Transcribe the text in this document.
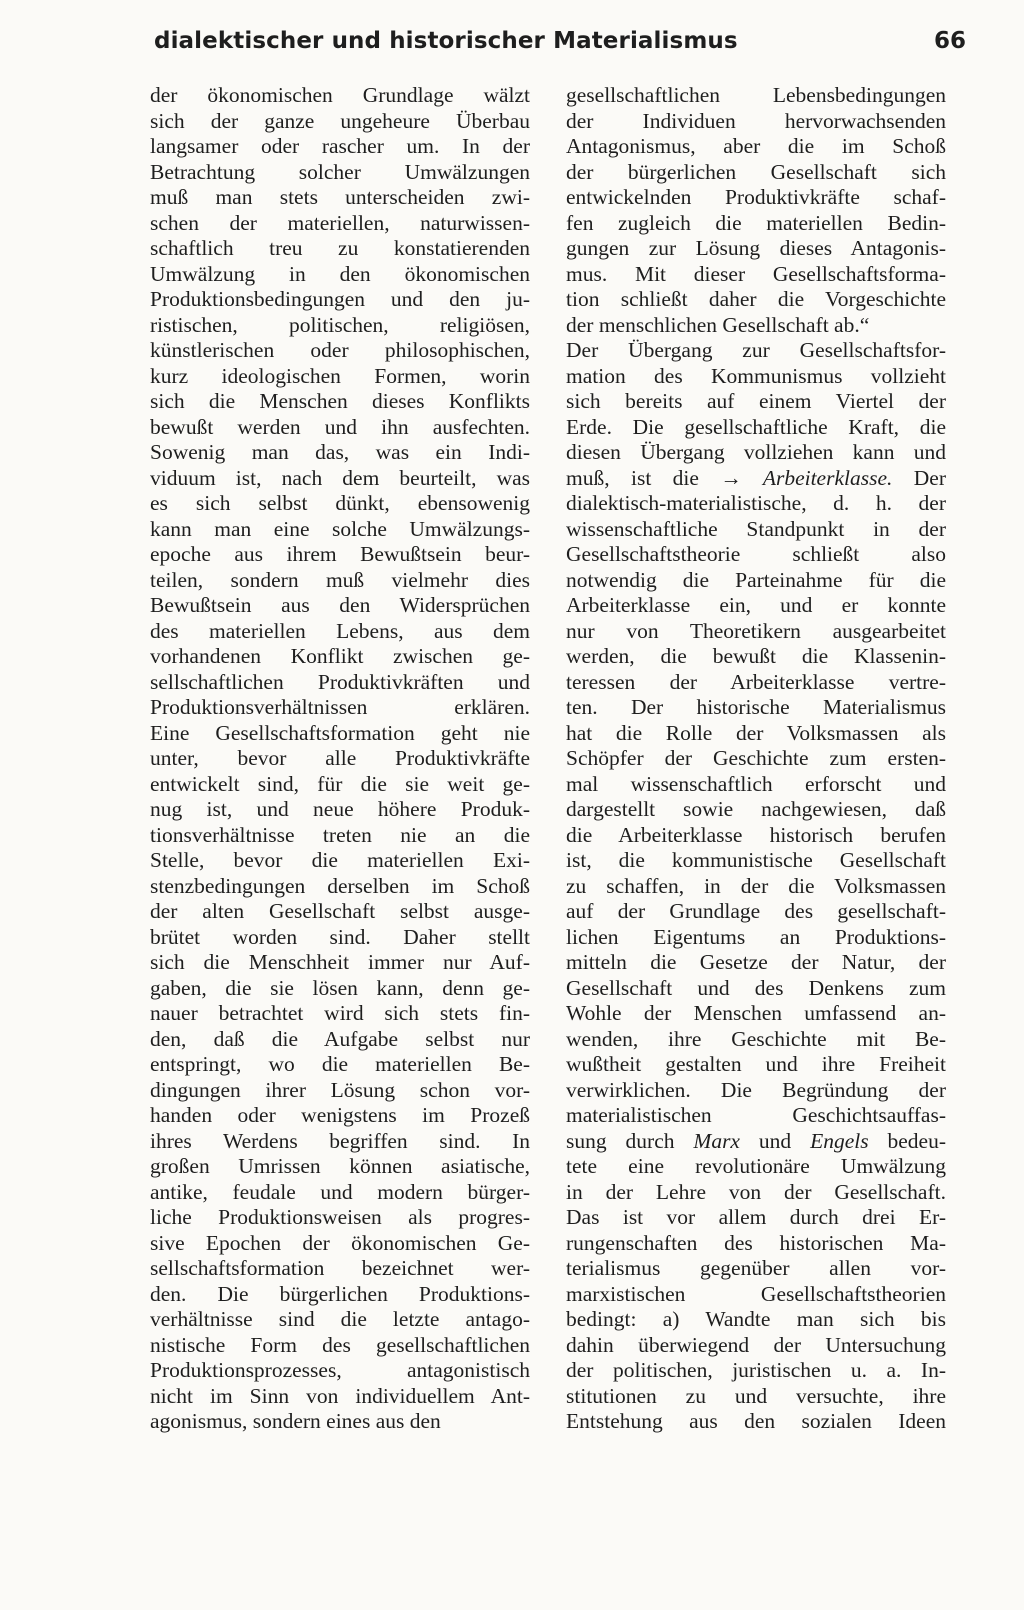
dialektischer und historischer Materialismus	66
der ökonomischen Grundlage wälzt
sich der ganze ungeheure Überbau
langsamer oder rascher um. In der
Betrachtung solcher Umwälzungen
muß man stets unterscheiden zwi-
schen der materiellen, naturwissen-
schaftlich treu zu konstatierenden
Umwälzung in den ökonomischen
Produktionsbedingungen und den ju-
ristischen, politischen, religiösen,
künstlerischen oder philosophischen,
kurz ideologischen Formen, worin
sich die Menschen dieses Konflikts
bewußt werden und ihn ausfechten.
Sowenig man das, was ein Indi-
viduum ist, nach dem beurteilt, was
es sich selbst dünkt, ebensowenig
kann man eine solche Umwälzungs-
epoche aus ihrem Bewußtsein beur-
teilen, sondern muß vielmehr dies
Bewußtsein aus den Widersprüchen
des materiellen Lebens, aus dem
vorhandenen Konflikt zwischen ge-
sellschaftlichen Produktivkräften und
Produktionsverhältnissen erklären.
Eine Gesellschaftsformation geht nie
unter, bevor alle Produktivkräfte
entwickelt sind, für die sie weit ge-
nug ist, und neue höhere Produk-
tionsverhältnisse treten nie an die
Stelle, bevor die materiellen Exi-
stenzbedingungen derselben im Schoß
der alten Gesellschaft selbst ausge-
brütet worden sind. Daher stellt
sich die Menschheit immer nur Auf-
gaben, die sie lösen kann, denn ge-
nauer betrachtet wird sich stets fin-
den, daß die Aufgabe selbst nur
entspringt, wo die materiellen Be-
dingungen ihrer Lösung schon vor-
handen oder wenigstens im Prozeß
ihres Werdens begriffen sind. In
großen Umrissen können asiatische,
antike, feudale und modern bürger-
liche Produktionsweisen als progres-
sive Epochen der ökonomischen Ge-
sellschaftsformation bezeichnet wer-
den. Die bürgerlichen Produktions-
verhältnisse sind die letzte antago-
nistische Form des gesellschaftlichen
Produktionsprozesses, antagonistisch
nicht im Sinn von individuellem Ant-
agonismus, sondern eines aus den
gesellschaftlichen Lebensbedingungen
der Individuen hervorwachsenden
Antagonismus, aber die im Schoß
der bürgerlichen Gesellschaft sich
entwickelnden Produktivkräfte schaf-
fen zugleich die materiellen Bedin-
gungen zur Lösung dieses Antagonis-
mus. Mit dieser Gesellschaftsforma-
tion schließt daher die Vorgeschichte
der menschlichen Gesellschaft ab.“
Der Übergang zur Gesellschaftsfor-
mation des Kommunismus vollzieht
sich bereits auf einem Viertel der
Erde. Die gesellschaftliche Kraft, die
diesen Übergang vollziehen kann und
muß, ist die → Arbeiterklasse. Der
dialektisch-materialistische, d. h. der
wissenschaftliche Standpunkt in der
Gesellschaftstheorie schließt also
notwendig die Parteinahme für die
Arbeiterklasse ein, und er konnte
nur von Theoretikern ausgearbeitet
werden, die bewußt die Klassenin-
teressen der Arbeiterklasse vertre-
ten. Der historische Materialismus
hat die Rolle der Volksmassen als
Schöpfer der Geschichte zum ersten-
mal wissenschaftlich erforscht und
dargestellt sowie nachgewiesen, daß
die Arbeiterklasse historisch berufen
ist, die kommunistische Gesellschaft
zu schaffen, in der die Volksmassen
auf der Grundlage des gesellschaft-
lichen Eigentums an Produktions-
mitteln die Gesetze der Natur, der
Gesellschaft und des Denkens zum
Wohle der Menschen umfassend an-
wenden, ihre Geschichte mit Be-
wußtheit gestalten und ihre Freiheit
verwirklichen. Die Begründung der
materialistischen Geschichtsauffas-
sung durch Marx und Engels bedeu-
tete eine revolutionäre Umwälzung
in der Lehre von der Gesellschaft.
Das ist vor allem durch drei Er-
rungenschaften des historischen Ma-
terialismus gegenüber allen vor-
marxistischen Gesellschaftstheorien
bedingt: a) Wandte man sich bis
dahin überwiegend der Untersuchung
der politischen, juristischen u. a. In-
stitutionen zu und versuchte, ihre
Entstehung aus den sozialen Ideen
